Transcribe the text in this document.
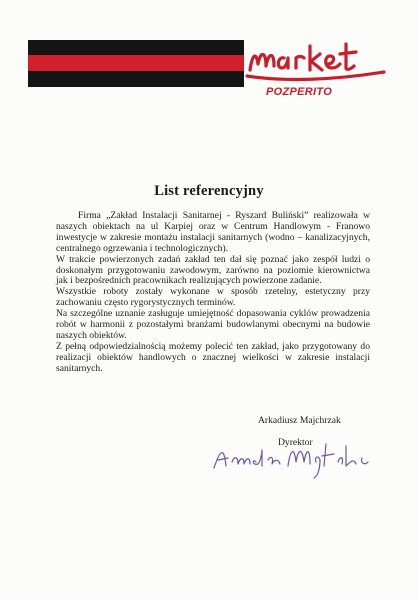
POZPERITO
List referencyjny

Firma „Zakład Instalacji Sanitarnej - Ryszard Buliński” realizowała w naszych obiektach na ul Karpiej oraz w Centrum Handlowym - Franowo inwestycje w zakresie montażu instalacji sanitarnych (wodno – kanalizacyjnych, centralnego ogrzewania i technologicznych).

W trakcie powierzonych zadań zakład ten dał się poznać jako zespół ludzi o doskonałym przygotowaniu zawodowym, zarówno na poziomie kierownictwa jak i bezpośrednich pracownikach realizujących powierzone zadanie.

Wszystkie roboty zostały wykonane w sposób rzetelny, estetyczny przy zachowaniu często rygorystycznych terminów.

Na szczególne uznanie zasługuje umiejętność dopasowania cyklów prowadzenia robót w harmonii z pozostałymi branżami budowlanymi obecnymi na budowie naszych obiektów.

Z pełną odpowiedzialnością możemy polecić ten zakład, jako przygotowany do realizacji obiektów handlowych o znacznej wielkości w zakresie instalacji sanitarnych.

Arkadiusz Majchrzak
Dyrektor
